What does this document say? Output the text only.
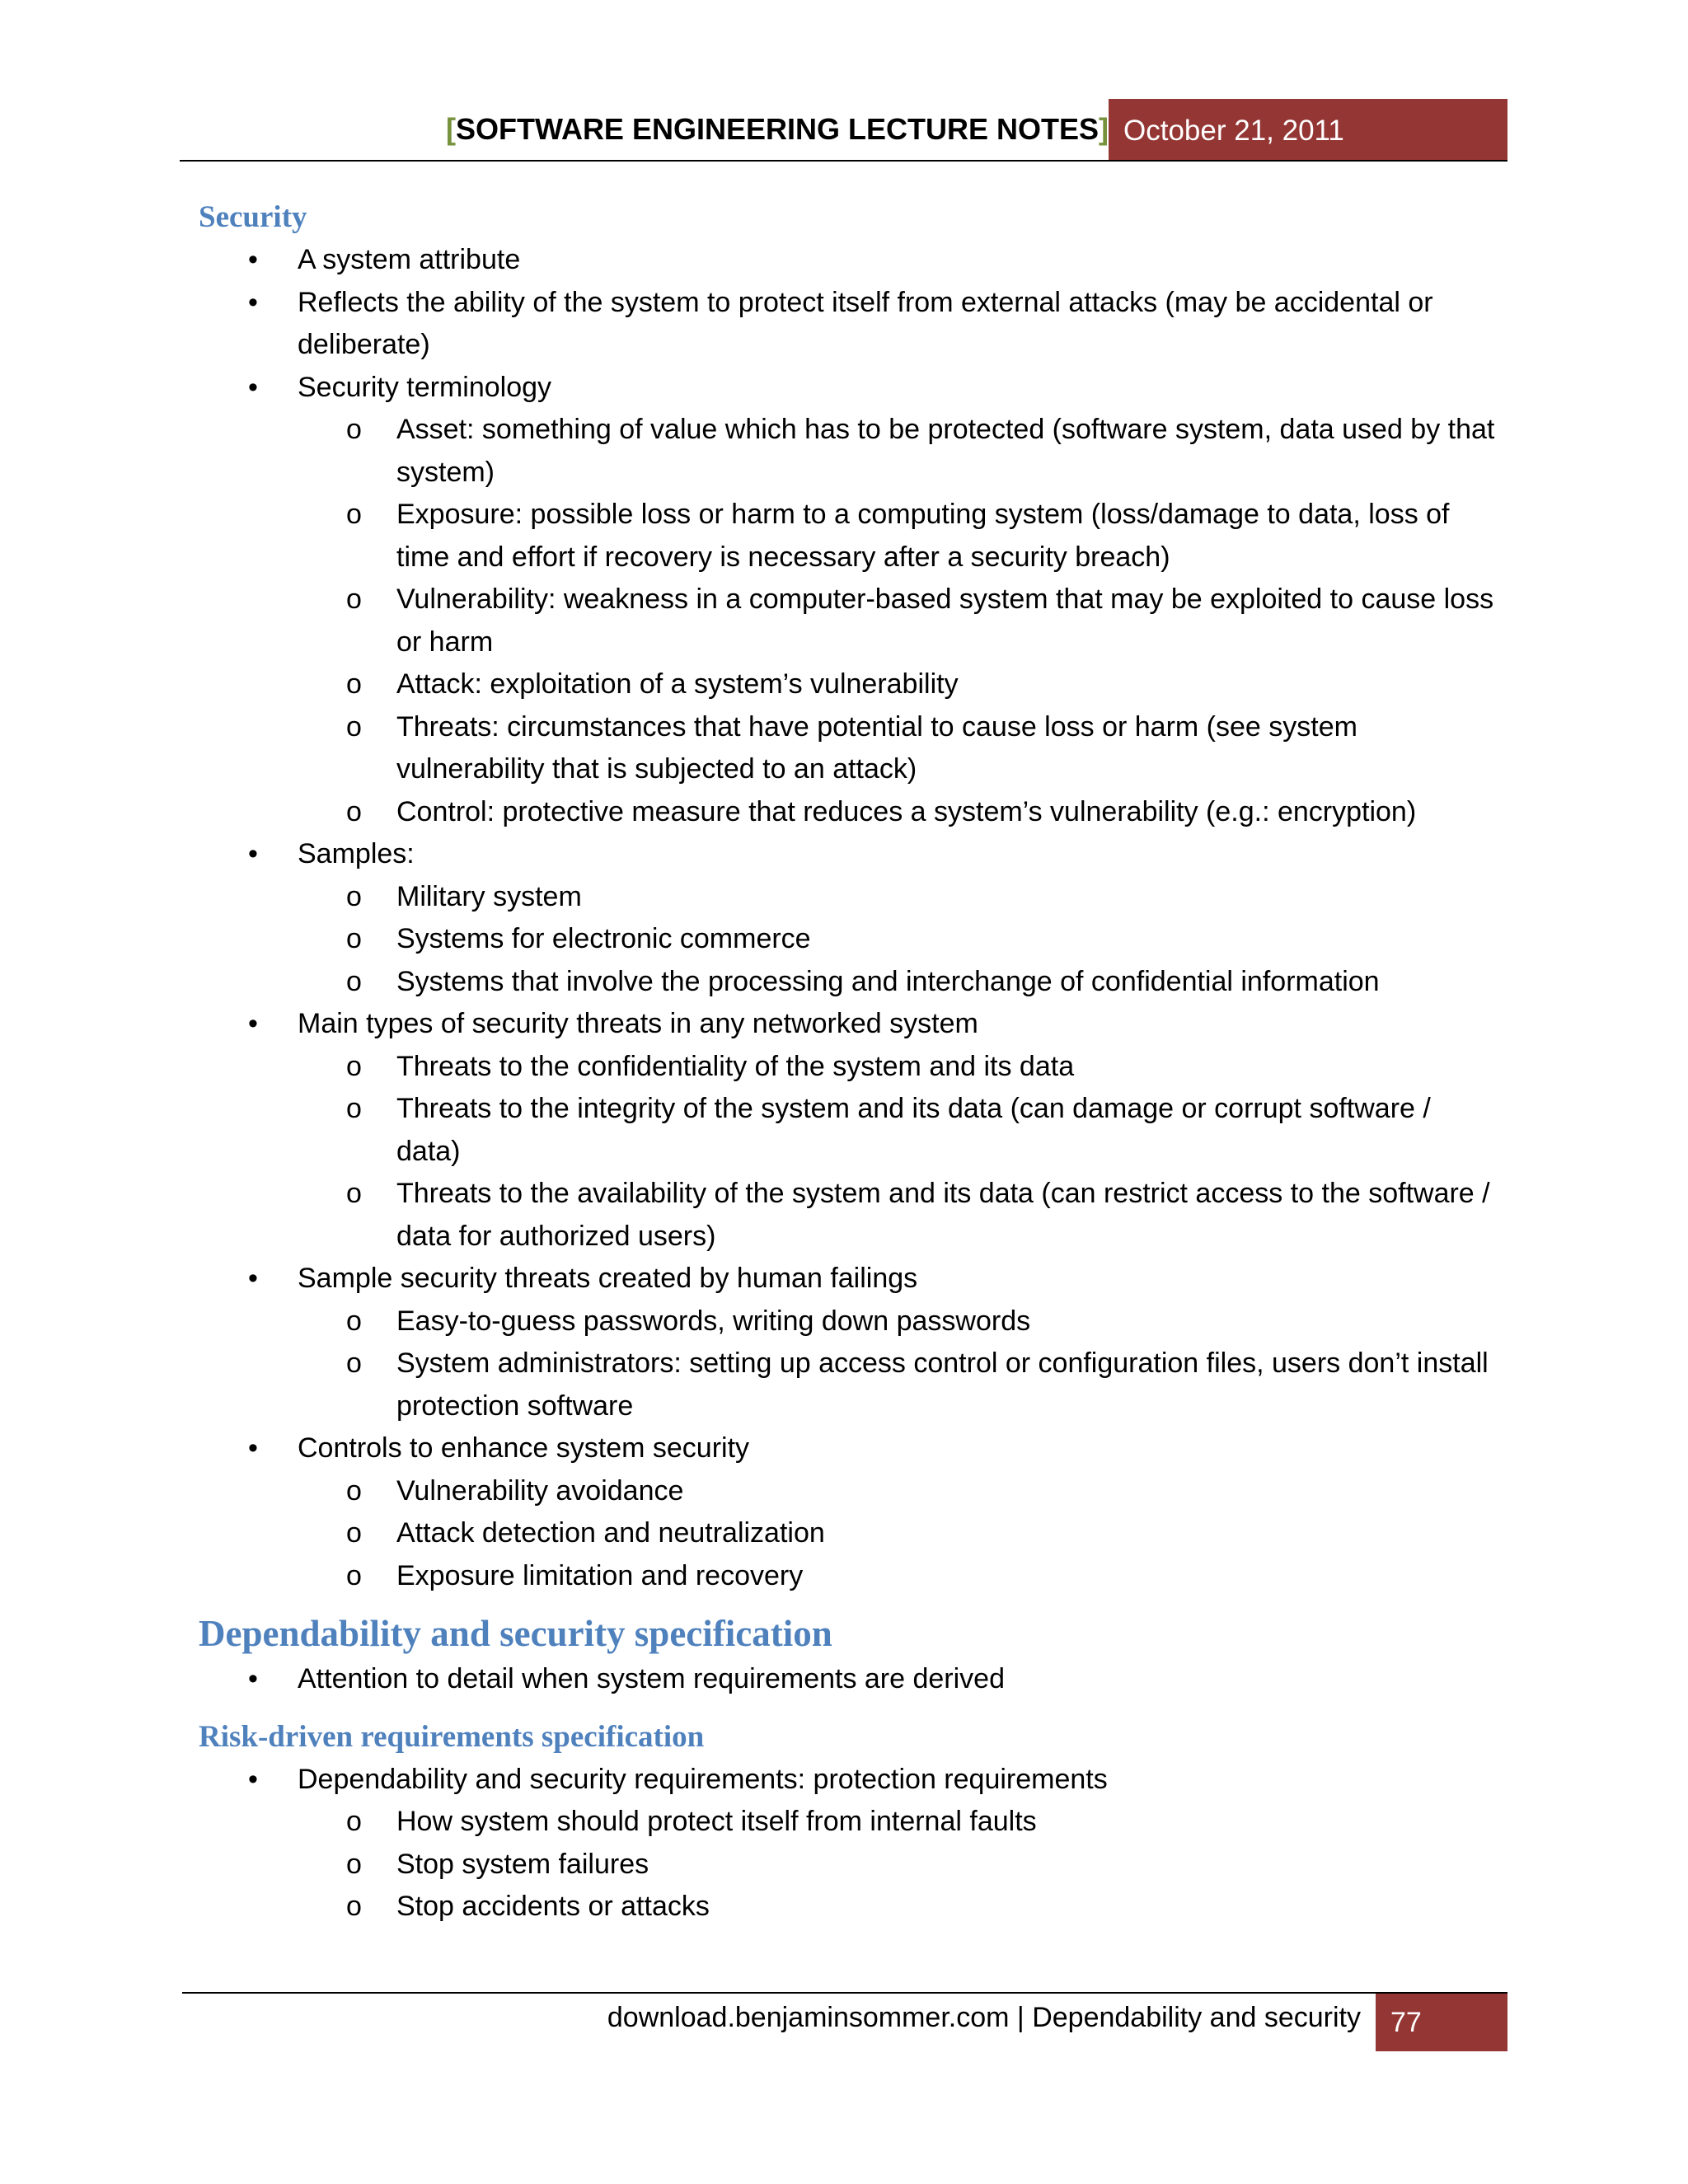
[SOFTWARE ENGINEERING LECTURE NOTES] October 21, 2011
Security
• A system attribute
• Reflects the ability of the system to protect itself from external attacks (may be accidental or deliberate)
• Security terminology
o Asset: something of value which has to be protected (software system, data used by that system)
o Exposure: possible loss or harm to a computing system (loss/damage to data, loss of time and effort if recovery is necessary after a security breach)
o Vulnerability: weakness in a computer-based system that may be exploited to cause loss or harm
o Attack: exploitation of a system’s vulnerability
o Threats: circumstances that have potential to cause loss or harm (see system vulnerability that is subjected to an attack)
o Control: protective measure that reduces a system’s vulnerability (e.g.: encryption)
• Samples:
o Military system
o Systems for electronic commerce
o Systems that involve the processing and interchange of confidential information
• Main types of security threats in any networked system
o Threats to the confidentiality of the system and its data
o Threats to the integrity of the system and its data (can damage or corrupt software / data)
o Threats to the availability of the system and its data (can restrict access to the software / data for authorized users)
• Sample security threats created by human failings
o Easy-to-guess passwords, writing down passwords
o System administrators: setting up access control or configuration files, users don’t install protection software
• Controls to enhance system security
o Vulnerability avoidance
o Attack detection and neutralization
o Exposure limitation and recovery
Dependability and security specification
• Attention to detail when system requirements are derived
Risk-driven requirements specification
• Dependability and security requirements: protection requirements
o How system should protect itself from internal faults
o Stop system failures
o Stop accidents or attacks
download.benjaminsommer.com | Dependability and security	77
